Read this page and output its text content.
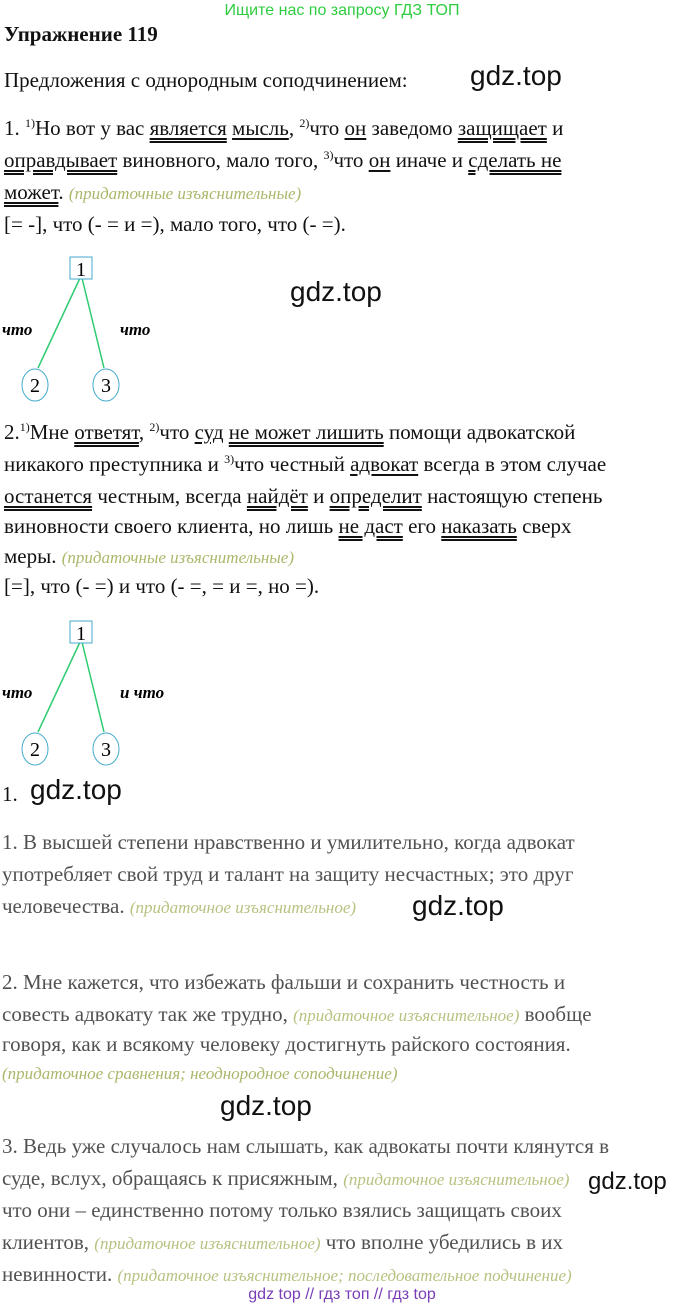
Ищите нас по запросу ГДЗ ТОП
Упражнение 119
Предложения с однородным соподчинением: gdz.top
1. $^{1)}$Но вот у вас является мысль, $^{2)}$что он заведомо защищает и
оправдывает виновного, мало того, $^{3)}$что он иначе и сделать не
может. (придаточные изъяснительные)
[= -], что (- = и =), мало того, что (- =).
1
2	3
что	что
gdz.top
2.$^{1)}$Мне ответят, $^{2)}$что суд не может лишить помощи адвокатской
никакого преступника и $^{3)}$что честный адвокат всегда в этом случае
останется честным, всегда найдёт и определит настоящую степень
виновности своего клиента, но лишь не даст его наказать сверх
меры. (придаточные изъяснительные)
[=], что (- =) и что (- =, = и =, но =).
1
2	3
что	и что
1. gdz.top
1. В высшей степени нравственно и умилительно, когда адвокат
употребляет свой труд и талант на защиту несчастных; это друг
человечества. (придаточное изъяснительное) gdz.top
2. Мне кажется, что избежать фальши и сохранить честность и
совесть адвокату так же трудно, (придаточное изъяснительное) вообще
говоря, как и всякому человеку достигнуть райского состояния.
(придаточное сравнения; неоднородное соподчинение)
gdz.top
3. Ведь уже случалось нам слышать, как адвокаты почти клянутся в
суде, вслух, обращаясь к присяжным, (придаточное изъяснительное) gdz.top
что они – единственно потому только взялись защищать своих
клиентов, (придаточное изъяснительное) что вполне убедились в их
невинности. (придаточное изъяснительное; последовательное подчинение)
gdz top // гдз топ // гдз top
